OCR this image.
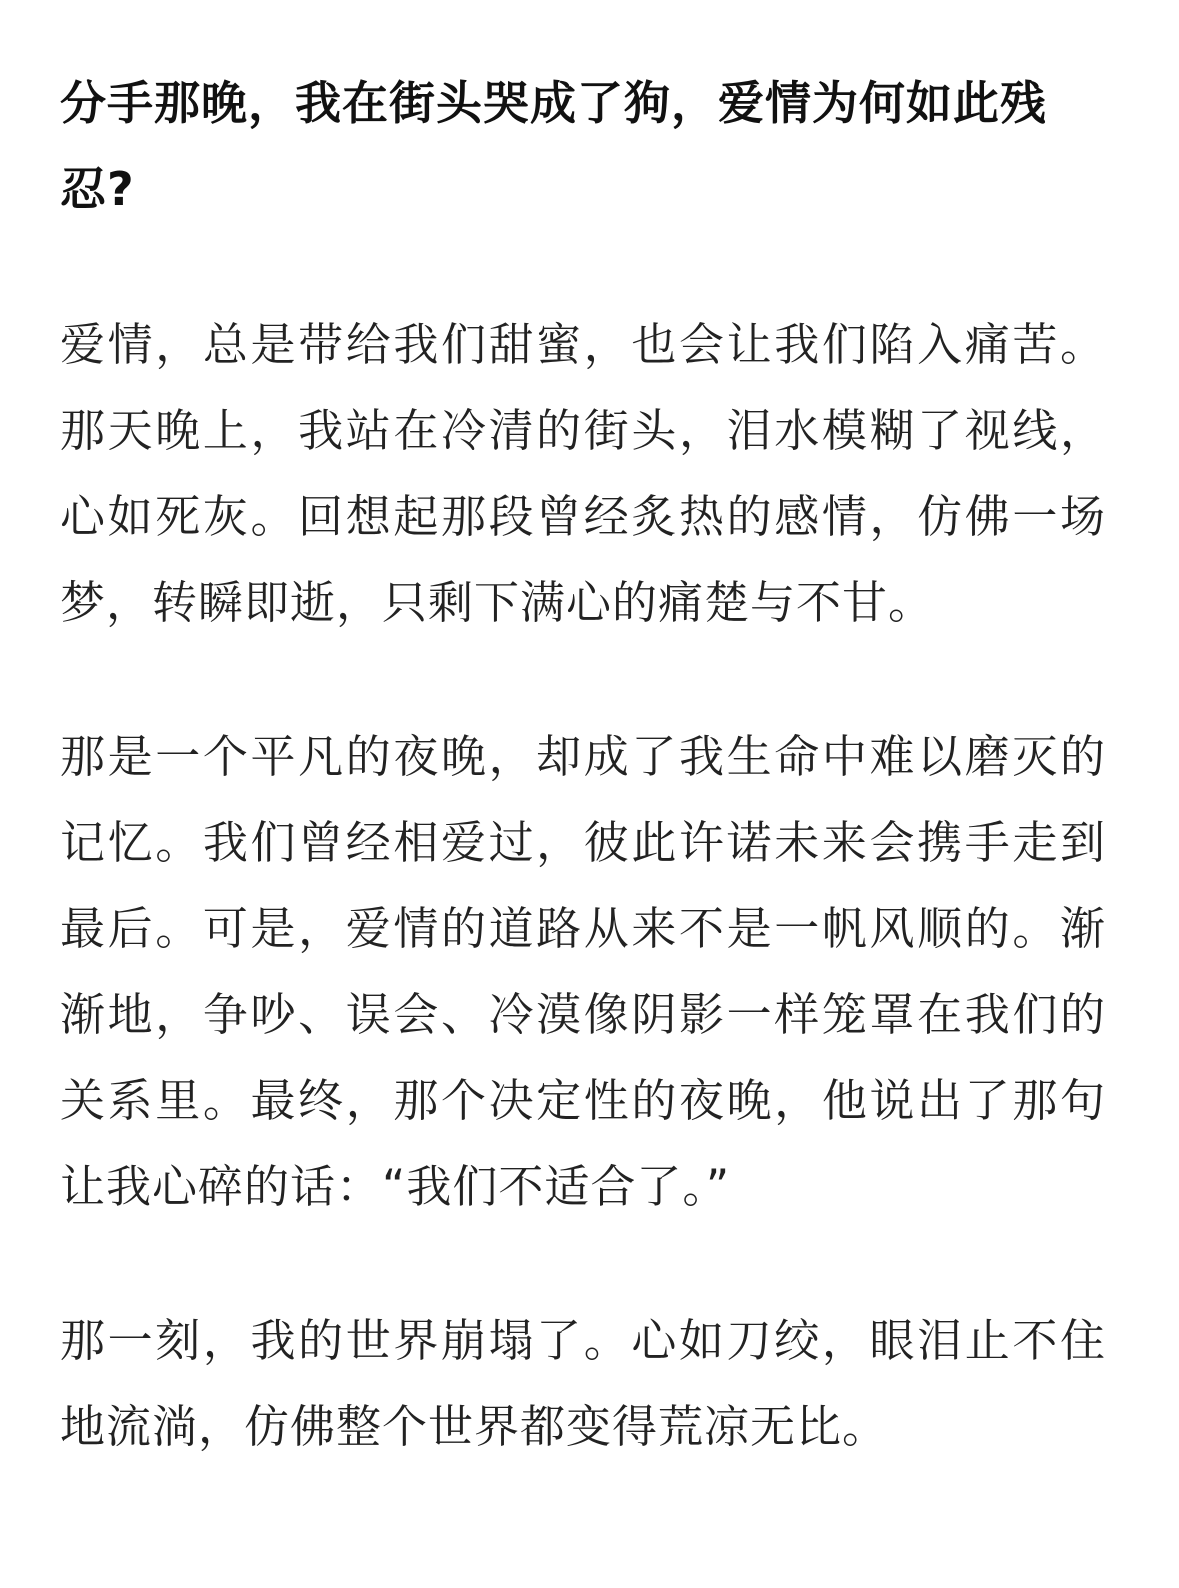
分手那晚，我在街头哭成了狗，爱情为何如此残忍?

爱情，总是带给我们甜蜜，也会让我们陷入痛苦。那天晚上，我站在冷清的街头，泪水模糊了视线，心如死灰。回想起那段曾经炙热的感情，仿佛一场梦，转瞬即逝，只剩下满心的痛楚与不甘。

那是一个平凡的夜晚，却成了我生命中难以磨灭的记忆。我们曾经相爱过，彼此许诺未来会携手走到最后。可是，爱情的道路从来不是一帆风顺的。渐渐地，争吵、误会、冷漠像阴影一样笼罩在我们的关系里。最终，那个决定性的夜晚，他说出了那句让我心碎的话：“我们不适合了。”

那一刻，我的世界崩塌了。心如刀绞，眼泪止不住地流淌，仿佛整个世界都变得荒凉无比。
